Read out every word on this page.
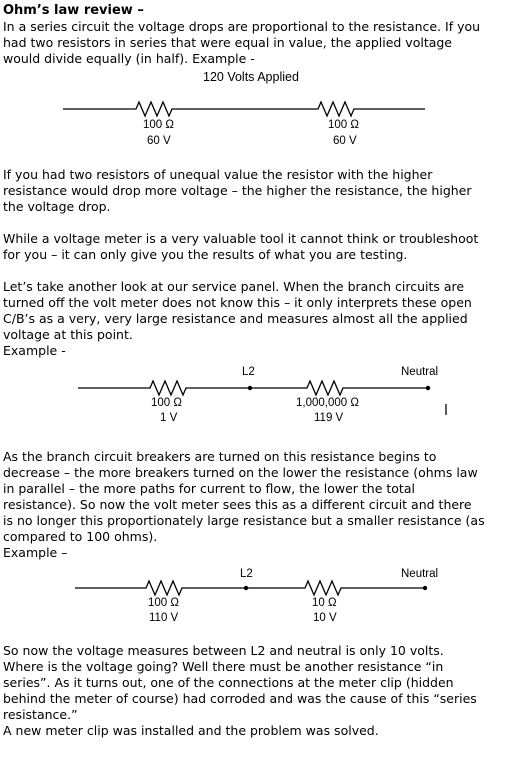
Ohm’s law review –
In a series circuit the voltage drops are proportional to the resistance. If you
had two resistors in series that were equal in value, the applied voltage
would divide equally (in half). Example -
120 Volts Applied
100 Ω
60 V
100 Ω
60 V
If you had two resistors of unequal value the resistor with the higher
resistance would drop more voltage – the higher the resistance, the higher
the voltage drop.
While a voltage meter is a very valuable tool it cannot think or troubleshoot
for you – it can only give you the results of what you are testing.
Let’s take another look at our service panel. When the branch circuits are
turned off the volt meter does not know this – it only interprets these open
C/B’s as a very, very large resistance and measures almost all the applied
voltage at this point.
Example -
L2	Neutral
100 Ω
1 V
1,000,000 Ω
119 V
As the branch circuit breakers are turned on this resistance begins to
decrease – the more breakers turned on the lower the resistance (ohms law
in parallel – the more paths for current to flow, the lower the total
resistance). So now the volt meter sees this as a different circuit and there
is no longer this proportionately large resistance but a smaller resistance (as
compared to 100 ohms).
Example –
L2	Neutral
100 Ω
110 V
10 Ω
10 V
So now the voltage measures between L2 and neutral is only 10 volts.
Where is the voltage going? Well there must be another resistance “in
series”. As it turns out, one of the connections at the meter clip (hidden
behind the meter of course) had corroded and was the cause of this “series
resistance.”
A new meter clip was installed and the problem was solved.
